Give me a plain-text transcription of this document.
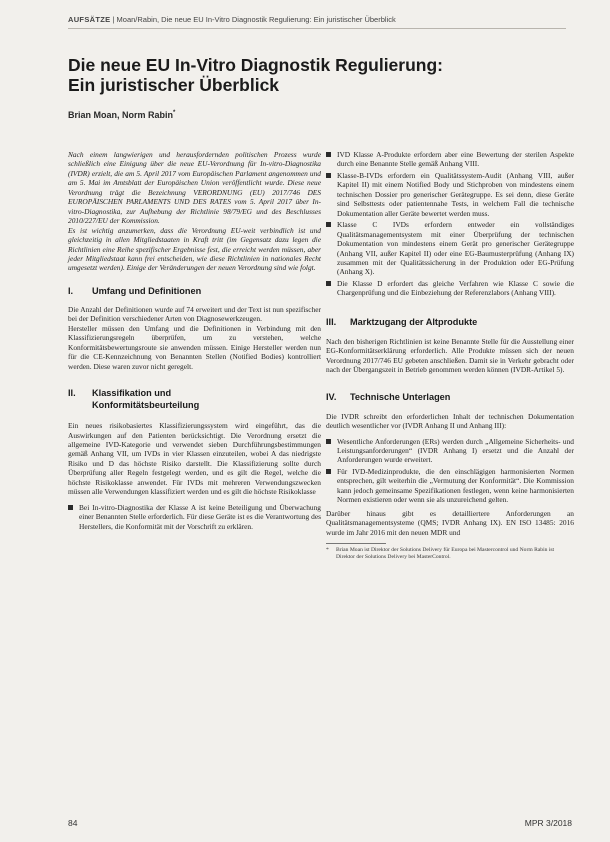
AUFSÄTZE | Moan/Rabin, Die neue EU In-Vitro Diagnostik Regulierung: Ein juristischer Überblick
Die neue EU In-Vitro Diagnostik Regulierung:
Ein juristischer Überblick
Brian Moan, Norm Rabin*

Nach einem langwierigen und herausfordernden politischen Prozess wurde schließlich eine Einigung über die neue EU-Verordnung für In-vitro-Diagnostika (IVDR) erzielt, die am 5. April 2017 vom Europäischen Parlament angenommen und am 5. Mai im Amtsblatt der Europäischen Union veröffentlicht wurde. Diese neue Verordnung trägt die Bezeichnung VERORDNUNG (EU) 2017/746 DES EUROPÄISCHEN PARLAMENTS UND DES RATES vom 5. April 2017 über In-vitro-Diagnostika, zur Aufhebung der Richtlinie 98/79/EG und des Beschlusses 2010/227/EU der Kommission.

Es ist wichtig anzumerken, dass die Verordnung EU-weit verbindlich ist und gleichzeitig in allen Mitgliedstaaten in Kraft tritt (im Gegensatz dazu legen die Richtlinien eine Reihe spezifischer Ergebnisse fest, die erreicht werden müssen, aber jeder Mitgliedstaat kann frei entscheiden, wie diese Richtlinien in nationales Recht umgesetzt werden). Einige der Veränderungen der neuen Verordnung sind wie folgt.

I.	Umfang und Definitionen

Die Anzahl der Definitionen wurde auf 74 erweitert und der Text ist nun spezifischer bei der Definition verschiedener Arten von Diagnosewerkzeugen.

Hersteller müssen den Umfang und die Definitionen in Verbindung mit den Klassifizierungsregeln überprüfen, um zu verstehen, welche Konformitätsbewertungsroute sie anwenden müssen. Einige Hersteller werden nun für die CE-Kennzeichnung von Benannten Stellen (Notified Bodies) kontrolliert werden. Diese waren zuvor nicht geregelt.

II.	Klassifikation und
Konformitätsbeurteilung

Ein neues risikobasiertes Klassifizierungssystem wird eingeführt, das die Auswirkungen auf den Patienten berücksichtigt. Die Verordnung ersetzt die allgemeine IVD-Kategorie und verwendet sieben Durchführungsbestimmungen gemäß Anhang VII, um IVDs in vier Klassen einzuteilen, wobei A das niedrigste Risiko und D das höchste Risiko darstellt. Die Klassifizierung sollte durch Überprüfung aller Regeln festgelegt werden, und es gilt die Regel, welche die höchste Risikoklasse anwendet. Für IVDs mit mehreren Verwendungszwecken müssen alle Verwendungen klassifiziert werden und es gilt die höchste Risikoklasse

Bei In-vitro-Diagnostika der Klasse A ist keine Beteiligung und Überwachung einer Benannten Stelle erforderlich. Für diese Geräte ist es die Verantwortung des Herstellers, die Konformität mit der Vorschrift zu erklären.
IVD Klasse A-Produkte erfordern aber eine Bewertung der sterilen Aspekte durch eine Benannte Stelle gemäß Anhang VIII.
Klasse-B-IVDs erfordern ein Qualitätssystem-Audit (Anhang VIII, außer Kapitel II) mit einem Notified Body und Stichproben von mindestens einem technischen Dossier pro generischer Gerätegruppe. Es sei denn, diese Geräte sind Selbsttests oder patientennahe Tests, in welchem Fall die technische Dokumentation aller Geräte bewertet werden muss.
Klasse C IVDs erfordern entweder ein vollständiges Qualitätsmanagementsystem mit einer Überprüfung der technischen Dokumentation von mindestens einem Gerät pro generischer Gerätegruppe (Anhang VII, außer Kapitel II) oder eine EG-Baumusterprüfung (Anhang IX) zusammen mit der Qualitätssicherung in der Produktion oder EG-Prüfung (Anhang X).
Die Klasse D erfordert das gleiche Verfahren wie Klasse C sowie die Chargenprüfung und die Einbeziehung der Referenzlabors (Anhang VIII).
III.	Marktzugang der Altprodukte

Nach den bisherigen Richtlinien ist keine Benannte Stelle für die Ausstellung einer EG-Konformitätserklärung erforderlich. Alle Produkte müssen sich der neuen Verordnung 2017/746 EU gebeten anschließen. Damit sie in Verkehr gebracht oder nach der Übergangszeit in Betrieb genommen werden können (IVDR-Artikel 5).

IV.	Technische Unterlagen

Die IVDR schreibt den erforderlichen Inhalt der technischen Dokumentation deutlich wesentlicher vor (IVDR Anhang II und Anhang III):

Wesentliche Anforderungen (ERs) werden durch „Allgemeine Sicherheits- und Leistungsanforderungen“ (IVDR Anhang I) ersetzt und die Anzahl der Anforderungen wurde erweitert.
Für IVD-Medizinprodukte, die den einschlägigen harmonisierten Normen entsprechen, gilt weiterhin die „Vermutung der Konformität“. Die Kommission kann jedoch gemeinsame Spezifikationen festlegen, wenn keine harmonisierten Normen existieren oder wenn sie als unzureichend gelten.

Darüber hinaus gibt es detailliertere Anforderungen an Qualitätsmanagementsysteme (QMS; IVDR Anhang IX). EN ISO 13485: 2016 wurde im Jahr 2016 mit den neuen MDR und

* Brian Moan ist Direktor der Solutions Delivery für Europa bei Mastercontrol und Norm Rabin ist Direktor der Solutions Delivery bei MasterControl.
84	MPR 3/2018
